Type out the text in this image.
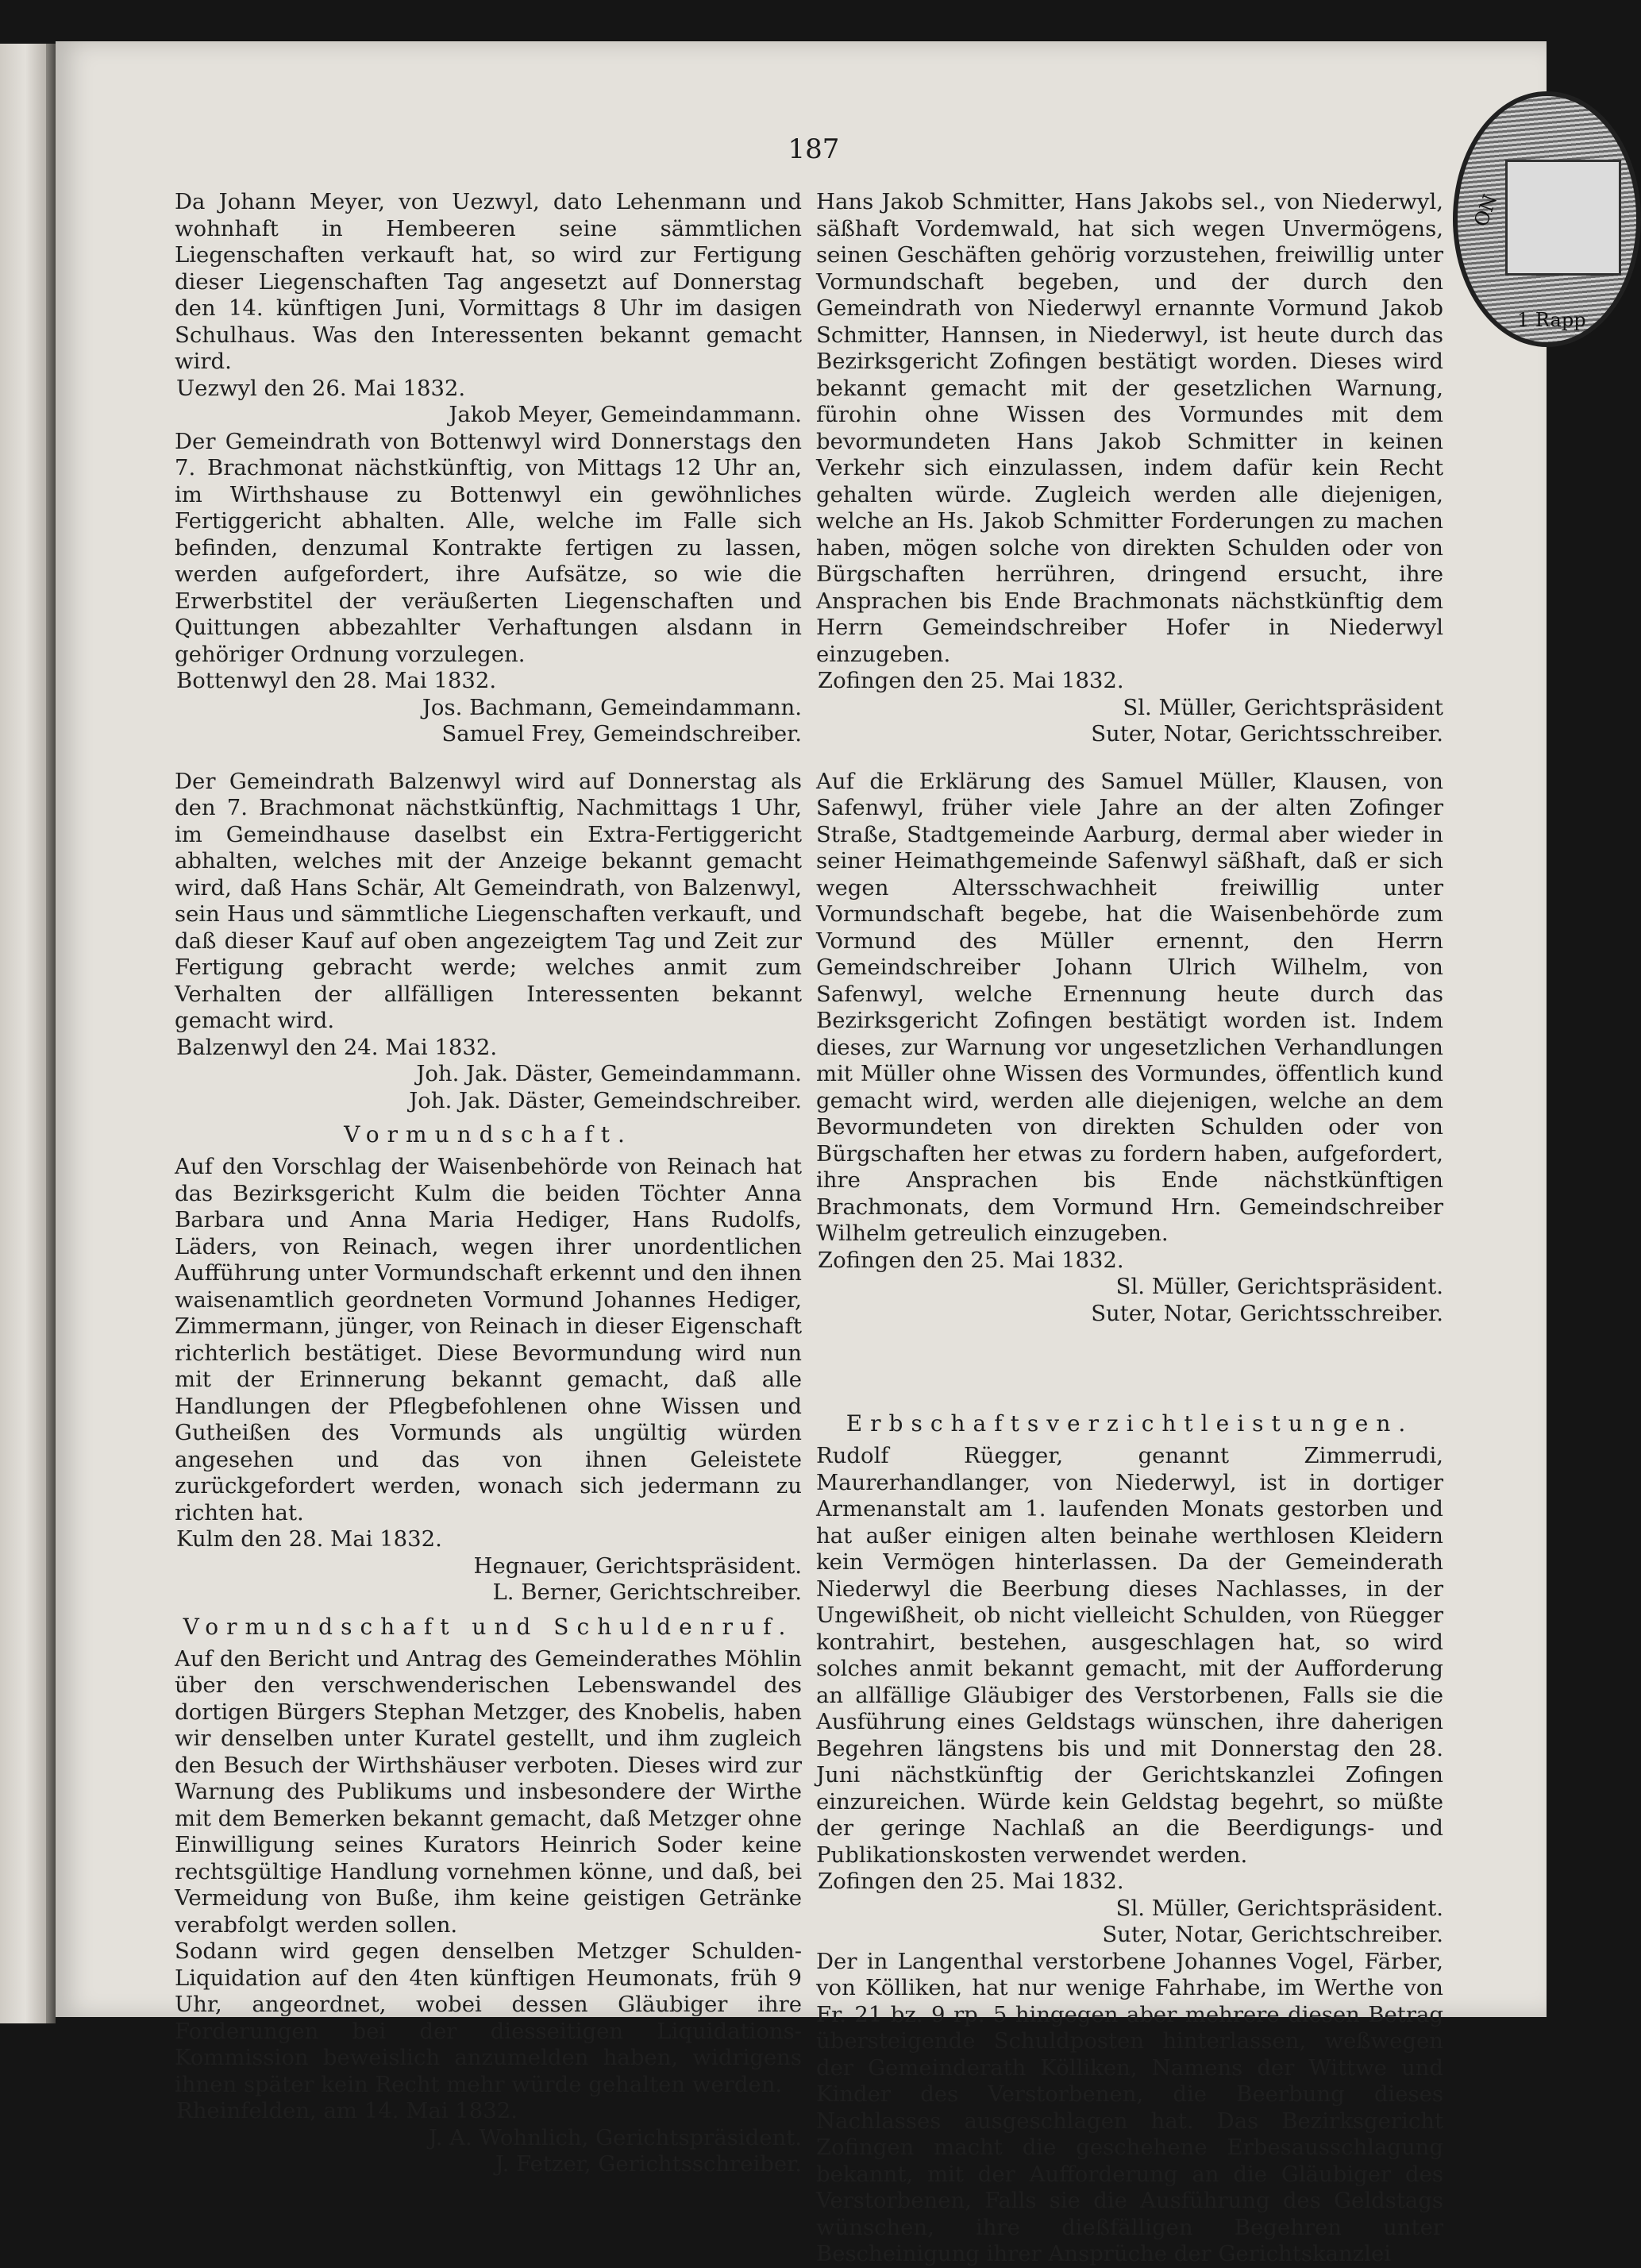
187
ON
1 Rapp

Da Johann Meyer, von Uezwyl, dato Lehenmann und wohnhaft in Hembeeren seine sämmtlichen Liegenschaften verkauft hat, so wird zur Fertigung dieser Liegenschaften Tag angesetzt auf Donnerstag den 14. künftigen Juni, Vormittags 8 Uhr im dasigen Schulhaus. Was den Interessenten bekannt gemacht wird.

Uezwyl den 26. Mai 1832.

Jakob Meyer, Gemeindammann.

Der Gemeindrath von Bottenwyl wird Donnerstags den 7. Brachmonat nächstkünftig, von Mittags 12 Uhr an, im Wirthshause zu Bottenwyl ein gewöhnliches Fertiggericht abhalten. Alle, welche im Falle sich befinden, denzumal Kontrakte fertigen zu lassen, werden aufgefordert, ihre Aufsätze, so wie die Erwerbstitel der veräußerten Liegenschaften und Quittungen abbezahlter Verhaftungen alsdann in gehöriger Ordnung vorzulegen.

Bottenwyl den 28. Mai 1832.

Jos. Bachmann, Gemeindammann.

Samuel Frey, Gemeindschreiber.

Der Gemeindrath Balzenwyl wird auf Donnerstag als den 7. Brachmonat nächstkünftig, Nachmittags 1 Uhr, im Gemeindhause daselbst ein Extra-Fertiggericht abhalten, welches mit der Anzeige bekannt gemacht wird, daß Hans Schär, Alt Gemeindrath, von Balzenwyl, sein Haus und sämmtliche Liegenschaften verkauft, und daß dieser Kauf auf oben angezeigtem Tag und Zeit zur Fertigung gebracht werde; welches anmit zum Verhalten der allfälligen Interessenten bekannt gemacht wird.

Balzenwyl den 24. Mai 1832.

Joh. Jak. Däster, Gemeindammann.

Joh. Jak. Däster, Gemeindschreiber.

Vormundschaft.

Auf den Vorschlag der Waisenbehörde von Reinach hat das Bezirksgericht Kulm die beiden Töchter Anna Barbara und Anna Maria Hediger, Hans Rudolfs, Läders, von Reinach, wegen ihrer unordentlichen Aufführung unter Vormundschaft erkennt und den ihnen waisenamtlich geordneten Vormund Johannes Hediger, Zimmermann, jünger, von Reinach in dieser Eigenschaft richterlich bestätiget. Diese Bevormundung wird nun mit der Erinnerung bekannt gemacht, daß alle Handlungen der Pflegbefohlenen ohne Wissen und Gutheißen des Vormunds als ungültig würden angesehen und das von ihnen Geleistete zurückgefordert werden, wonach sich jedermann zu richten hat.

Kulm den 28. Mai 1832.

Hegnauer, Gerichtspräsident.

L. Berner, Gerichtschreiber.

Vormundschaft und Schuldenruf.

Auf den Bericht und Antrag des Gemeinderathes Möhlin über den verschwenderischen Lebenswandel des dortigen Bürgers Stephan Metzger, des Knobelis, haben wir denselben unter Kuratel gestellt, und ihm zugleich den Besuch der Wirthshäuser verboten. Dieses wird zur Warnung des Publikums und insbesondere der Wirthe mit dem Bemerken bekannt gemacht, daß Metzger ohne Einwilligung seines Kurators Heinrich Soder keine rechtsgültige Handlung vornehmen könne, und daß, bei Vermeidung von Buße, ihm keine geistigen Getränke verabfolgt werden sollen.

Sodann wird gegen denselben Metzger Schulden-Liquidation auf den 4ten künftigen Heumonats, früh 9 Uhr, angeordnet, wobei dessen Gläubiger ihre Forderungen bei der diesseitigen Liquidations-Kommission beweislich anzumelden haben, widrigens ihnen später kein Recht mehr würde gehalten werden.

Rheinfelden, am 14. Mai 1832.

J. A. Wohnlich, Gerichtspräsident.

J. Fetzer, Gerichtsschreiber.

Hans Jakob Schmitter, Hans Jakobs sel., von Niederwyl, säßhaft Vordemwald, hat sich wegen Unvermögens, seinen Geschäften gehörig vorzustehen, freiwillig unter Vormundschaft begeben, und der durch den Gemeindrath von Niederwyl ernannte Vormund Jakob Schmitter, Hannsen, in Niederwyl, ist heute durch das Bezirksgericht Zofingen bestätigt worden. Dieses wird bekannt gemacht mit der gesetzlichen Warnung, fürohin ohne Wissen des Vormundes mit dem bevormundeten Hans Jakob Schmitter in keinen Verkehr sich einzulassen, indem dafür kein Recht gehalten würde. Zugleich werden alle diejenigen, welche an Hs. Jakob Schmitter Forderungen zu machen haben, mögen solche von direkten Schulden oder von Bürgschaften herrühren, dringend ersucht, ihre Ansprachen bis Ende Brachmonats nächstkünftig dem Herrn Gemeindschreiber Hofer in Niederwyl einzugeben.

Zofingen den 25. Mai 1832.

Sl. Müller, Gerichtspräsident

Suter, Notar, Gerichtsschreiber.

Auf die Erklärung des Samuel Müller, Klausen, von Safenwyl, früher viele Jahre an der alten Zofinger Straße, Stadtgemeinde Aarburg, dermal aber wieder in seiner Heimathgemeinde Safenwyl säßhaft, daß er sich wegen Altersschwachheit freiwillig unter Vormundschaft begebe, hat die Waisenbehörde zum Vormund des Müller ernennt, den Herrn Gemeindschreiber Johann Ulrich Wilhelm, von Safenwyl, welche Ernennung heute durch das Bezirksgericht Zofingen bestätigt worden ist. Indem dieses, zur Warnung vor ungesetzlichen Verhandlungen mit Müller ohne Wissen des Vormundes, öffentlich kund gemacht wird, werden alle diejenigen, welche an dem Bevormundeten von direkten Schulden oder von Bürgschaften her etwas zu fordern haben, aufgefordert, ihre Ansprachen bis Ende nächstkünftigen Brachmonats, dem Vormund Hrn. Gemeindschreiber Wilhelm getreulich einzugeben.

Zofingen den 25. Mai 1832.

Sl. Müller, Gerichtspräsident.

Suter, Notar, Gerichtsschreiber.

Erbschaftsverzichtleistungen.

Rudolf Rüegger, genannt Zimmerrudi, Maurerhandlanger, von Niederwyl, ist in dortiger Armenanstalt am 1. laufenden Monats gestorben und hat außer einigen alten beinahe werthlosen Kleidern kein Vermögen hinterlassen. Da der Gemeinderath Niederwyl die Beerbung dieses Nachlasses, in der Ungewißheit, ob nicht vielleicht Schulden, von Rüegger kontrahirt, bestehen, ausgeschlagen hat, so wird solches anmit bekannt gemacht, mit der Aufforderung an allfällige Gläubiger des Verstorbenen, Falls sie die Ausführung eines Geldstags wünschen, ihre daherigen Begehren längstens bis und mit Donnerstag den 28. Juni nächstkünftig der Gerichtskanzlei Zofingen einzureichen. Würde kein Geldstag begehrt, so müßte der geringe Nachlaß an die Beerdigungs- und Publikationskosten verwendet werden.

Zofingen den 25. Mai 1832.

Sl. Müller, Gerichtspräsident.

Suter, Notar, Gerichtschreiber.

Der in Langenthal verstorbene Johannes Vogel, Färber, von Kölliken, hat nur wenige Fahrhabe, im Werthe von Fr. 21 bz. 9 rp. 5 hingegen aber mehrere diesen Betrag übersteigende Schuldposten hinterlassen, weßwegen der Gemeinderath Kölliken, Namens der Wittwe und Kinder des Verstorbenen, die Beerbung dieses Nachlasses ausgeschlagen hat. Das Bezirksgericht Zofingen macht die geschehene Erbesausschlagung bekannt, mit der Aufforderung an die Gläubiger des Verstorbenen, Falls sie die Ausführung des Geldstags wünschen, ihre dießfälligen Begehren unter Bescheinigung ihrer Ansprüche der Gerichtskanzlei
